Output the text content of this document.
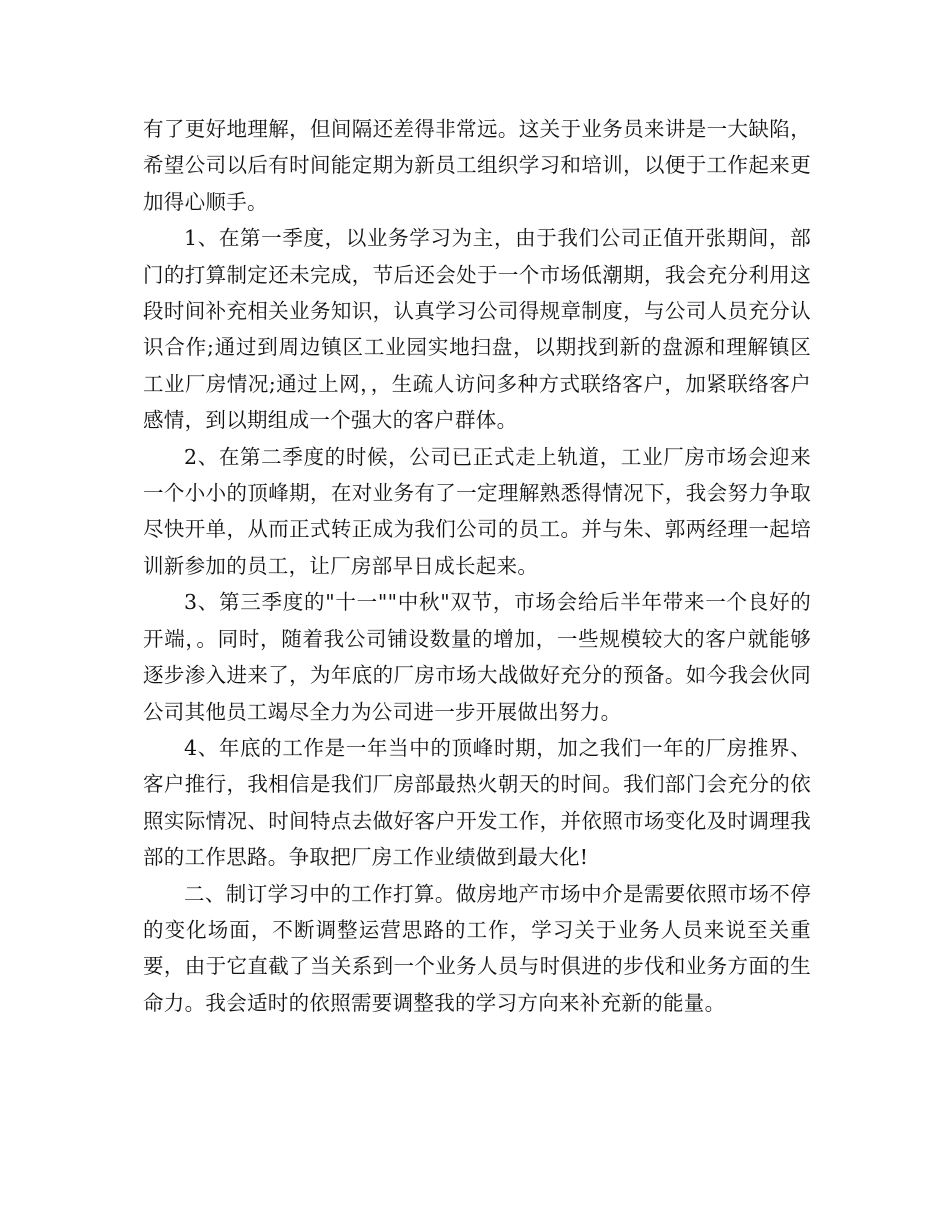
有了更好地理解，但间隔还差得非常远。这关于业务员来讲是一大缺陷，希望公司以后有时间能定期为新员工组织学习和培训，以便于工作起来更加得心顺手。

1、在第一季度，以业务学习为主，由于我们公司正值开张期间，部门的打算制定还未完成，节后还会处于一个市场低潮期，我会充分利用这段时间补充相关业务知识，认真学习公司得规章制度，与公司人员充分认识合作;通过到周边镇区工业园实地扫盘，以期找到新的盘源和理解镇区工业厂房情况;通过上网，，生疏人访问多种方式联络客户，加紧联络客户感情，到以期组成一个强大的客户群体。

2、在第二季度的时候，公司已正式走上轨道，工业厂房市场会迎来一个小小的顶峰期，在对业务有了一定理解熟悉得情况下，我会努力争取尽快开单，从而正式转正成为我们公司的员工。并与朱、郭两经理一起培训新参加的员工，让厂房部早日成长起来。

3、第三季度的"十一""中秋"双节，市场会给后半年带来一个良好的开端，。同时，随着我公司铺设数量的增加，一些规模较大的客户就能够逐步渗入进来了，为年底的厂房市场大战做好充分的预备。如今我会伙同公司其他员工竭尽全力为公司进一步开展做出努力。

4、年底的工作是一年当中的顶峰时期，加之我们一年的厂房推界、客户推行，我相信是我们厂房部最热火朝天的时间。我们部门会充分的依照实际情况、时间特点去做好客户开发工作，并依照市场变化及时调理我部的工作思路。争取把厂房工作业绩做到最大化!

二、制订学习中的工作打算。做房地产市场中介是需要依照市场不停的变化场面，不断调整运营思路的工作，学习关于业务人员来说至关重要，由于它直截了当关系到一个业务人员与时俱进的步伐和业务方面的生命力。我会适时的依照需要调整我的学习方向来补充新的能量。
